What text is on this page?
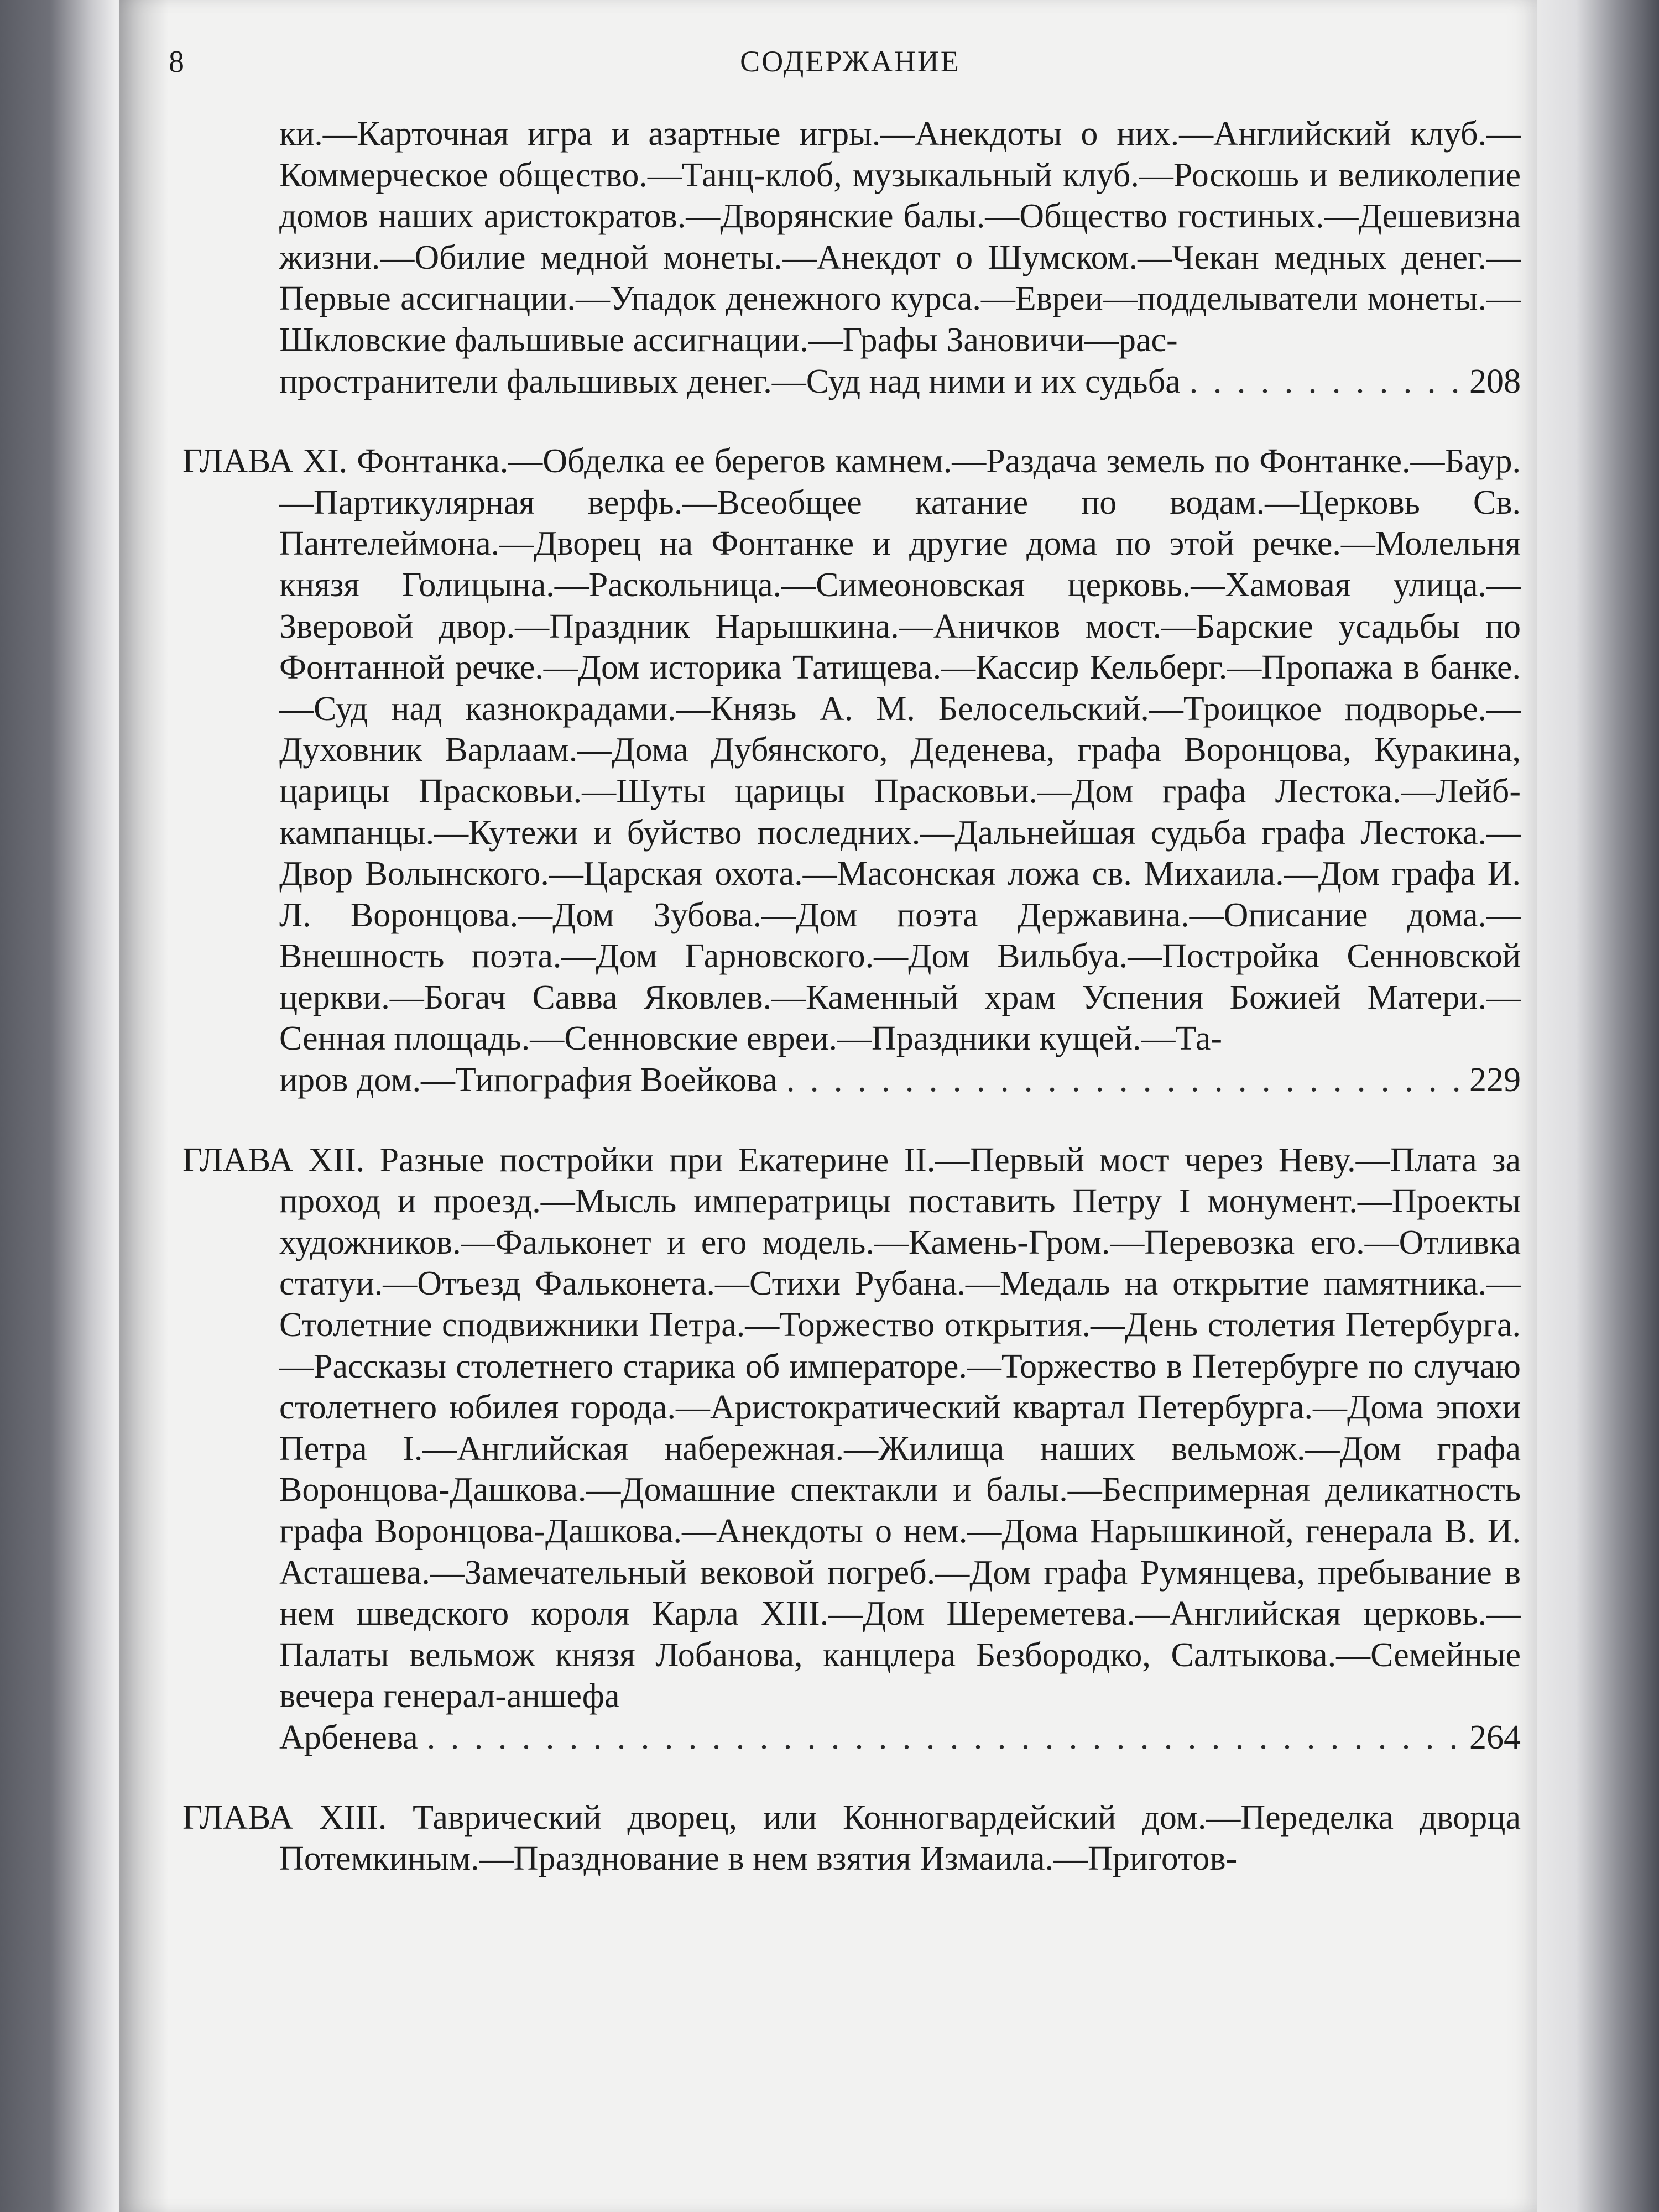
8	СОДЕРЖАНИЕ
ки.—Карточная игра и азартные игры.—Анекдоты о них.—Английский клуб.—Коммерческое общество.—Танц-клоб, музыкальный клуб.—Роскошь и великолепие домов наших аристократов.—Дворянские балы.—Общество гостиных.—Дешевизна жизни.—Обилие медной монеты.—Анекдот о Шумском.—Чекан медных денег.—Первые ассигнации.—Упадок денежного курса.—Евреи—подделыватели монеты.—Шкловские фальшивые ассигнации.—Графы Зановичи—рас-
пространители фальшивых денег.—Суд над ними и их судьба . . .	208
ГЛАВА XI. Фонтанка.—Обделка ее берегов камнем.—Раздача земель по Фонтанке.—Баур.—Партикулярная верфь.—Всеобщее катание по водам.—Церковь Св. Пантелеймона.—Дворец на Фонтанке и другие дома по этой речке.—Молельня князя Голицына.—Раскольница.—Симеоновская церковь.—Хамовая улица.—Зверовой двор.—Праздник Нарышкина.—Аничков мост.—Барские усадьбы по Фонтанной речке.—Дом историка Татищева.—Кассир Кельберг.—Пропажа в банке.—Суд над казнокрадами.—Князь А. М. Белосельский.—Троицкое подворье.—Духовник Варлаам.—Дома Дубянского, Деденева, графа Воронцова, Куракина, царицы Прасковьи.—Шуты царицы Прасковьи.—Дом графа Лестока.—Лейб-кампанцы.—Кутежи и буйство последних.—Дальнейшая судьба графа Лестока.—Двор Волынского.—Царская охота.—Масонская ложа св. Михаила.—Дом графа И. Л. Воронцова.—Дом Зубова.—Дом поэта Державина.—Описание дома.—Внешность поэта.—Дом Гарновского.—Дом Вильбуа.—Постройка Сенновской церкви.—Богач Савва Яковлев.—Каменный храм Успения Божией Матери.—Сенная площадь.—Сенновские евреи.—Праздники кущей.—Та-
иров дом.—Типография Воейкова . . .	229
ГЛАВА XII. Разные постройки при Екатерине II.—Первый мост через Неву.—Плата за проход и проезд.—Мысль императрицы поставить Петру I монумент.—Проекты художников.—Фальконет и его модель.—Камень-Гром.—Перевозка его.—Отливка статуи.—Отъезд Фальконета.—Стихи Рубана.—Медаль на открытие памятника.—Столетние сподвижники Петра.—Торжество открытия.—День столетия Петербурга.—Рассказы столетнего старика об императоре.—Торжество в Петербурге по случаю столетнего юбилея города.—Аристократический квартал Петербурга.—Дома эпохи Петра I.—Английская набережная.—Жилища наших вельмож.—Дом графа Воронцова-Дашкова.—Домашние спектакли и балы.—Беспримерная деликатность графа Воронцова-Дашкова.—Анекдоты о нем.—Дома Нарышкиной, генерала В. И. Асташева.—Замечательный вековой погреб.—Дом графа Румянцева, пребывание в нем шведского короля Карла XIII.—Дом Шереметева.—Английская церковь.—Палаты вельмож князя Лобанова, канцлера Безбородко, Салтыкова.—Семейные вечера генерал-аншефа
Арбенева . . .	264
ГЛАВА XIII. Таврический дворец, или Конногвардейский дом.—Переделка дворца Потемкиным.—Празднование в нем взятия Измаила.—Приготов-
